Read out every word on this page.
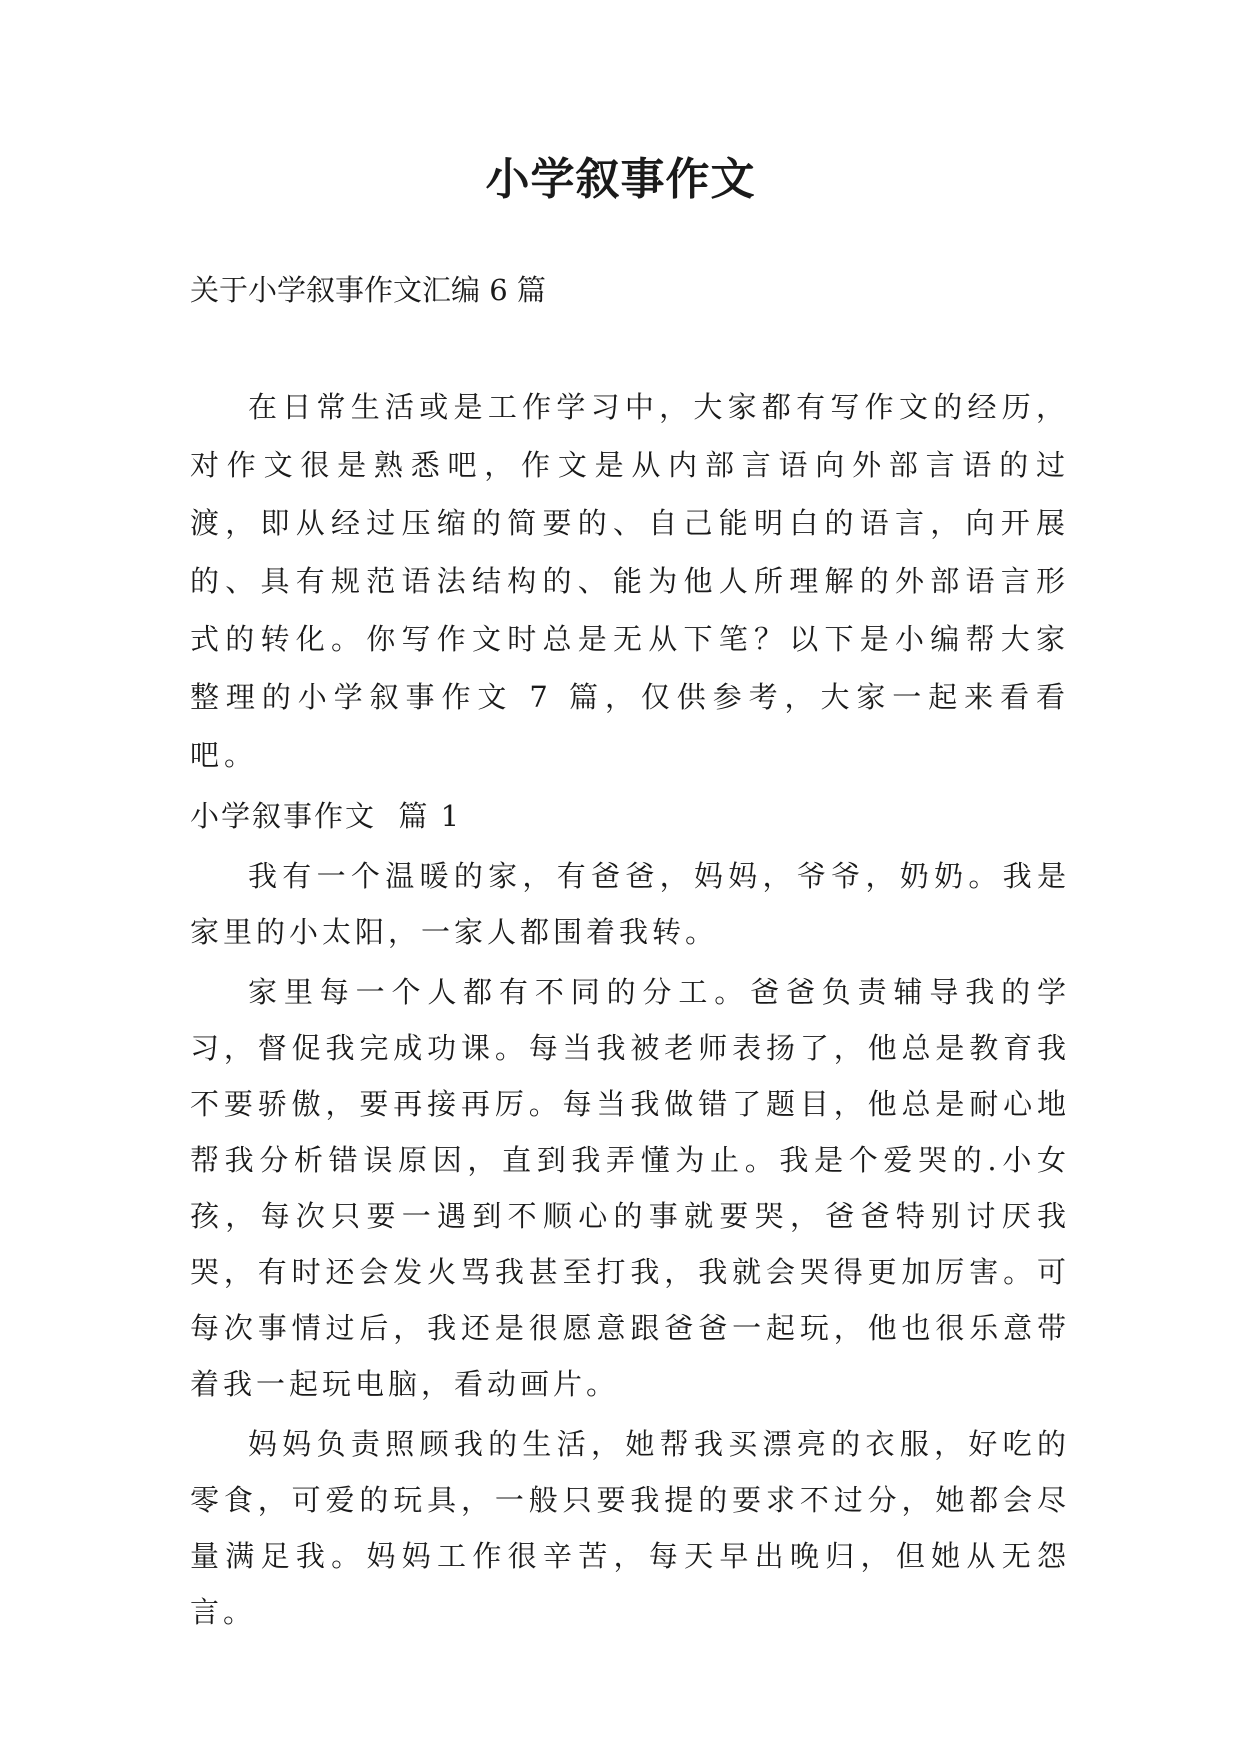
小学叙事作文

关于小学叙事作文汇编 6 篇

在日常生活或是工作学习中，大家都有写作文的经历，对作文很是熟悉吧，作文是从内部言语向外部言语的过渡，即从经过压缩的简要的、自己能明白的语言，向开展的、具有规范语法结构的、能为他人所理解的外部语言形式的转化。你写作文时总是无从下笔？以下是小编帮大家整理的小学叙事作文 7 篇，仅供参考，大家一起来看看吧。

小学叙事作文  篇 1

我有一个温暖的家，有爸爸，妈妈，爷爷，奶奶。我是家里的小太阳，一家人都围着我转。

家里每一个人都有不同的分工。爸爸负责辅导我的学习，督促我完成功课。每当我被老师表扬了，他总是教育我不要骄傲，要再接再厉。每当我做错了题目，他总是耐心地帮我分析错误原因，直到我弄懂为止。我是个爱哭的.小女孩，每次只要一遇到不顺心的事就要哭，爸爸特别讨厌我哭，有时还会发火骂我甚至打我，我就会哭得更加厉害。可每次事情过后，我还是很愿意跟爸爸一起玩，他也很乐意带着我一起玩电脑，看动画片。

妈妈负责照顾我的生活，她帮我买漂亮的衣服，好吃的零食，可爱的玩具，一般只要我提的要求不过分，她都会尽量满足我。妈妈工作很辛苦，每天早出晚归，但她从无怨言。
